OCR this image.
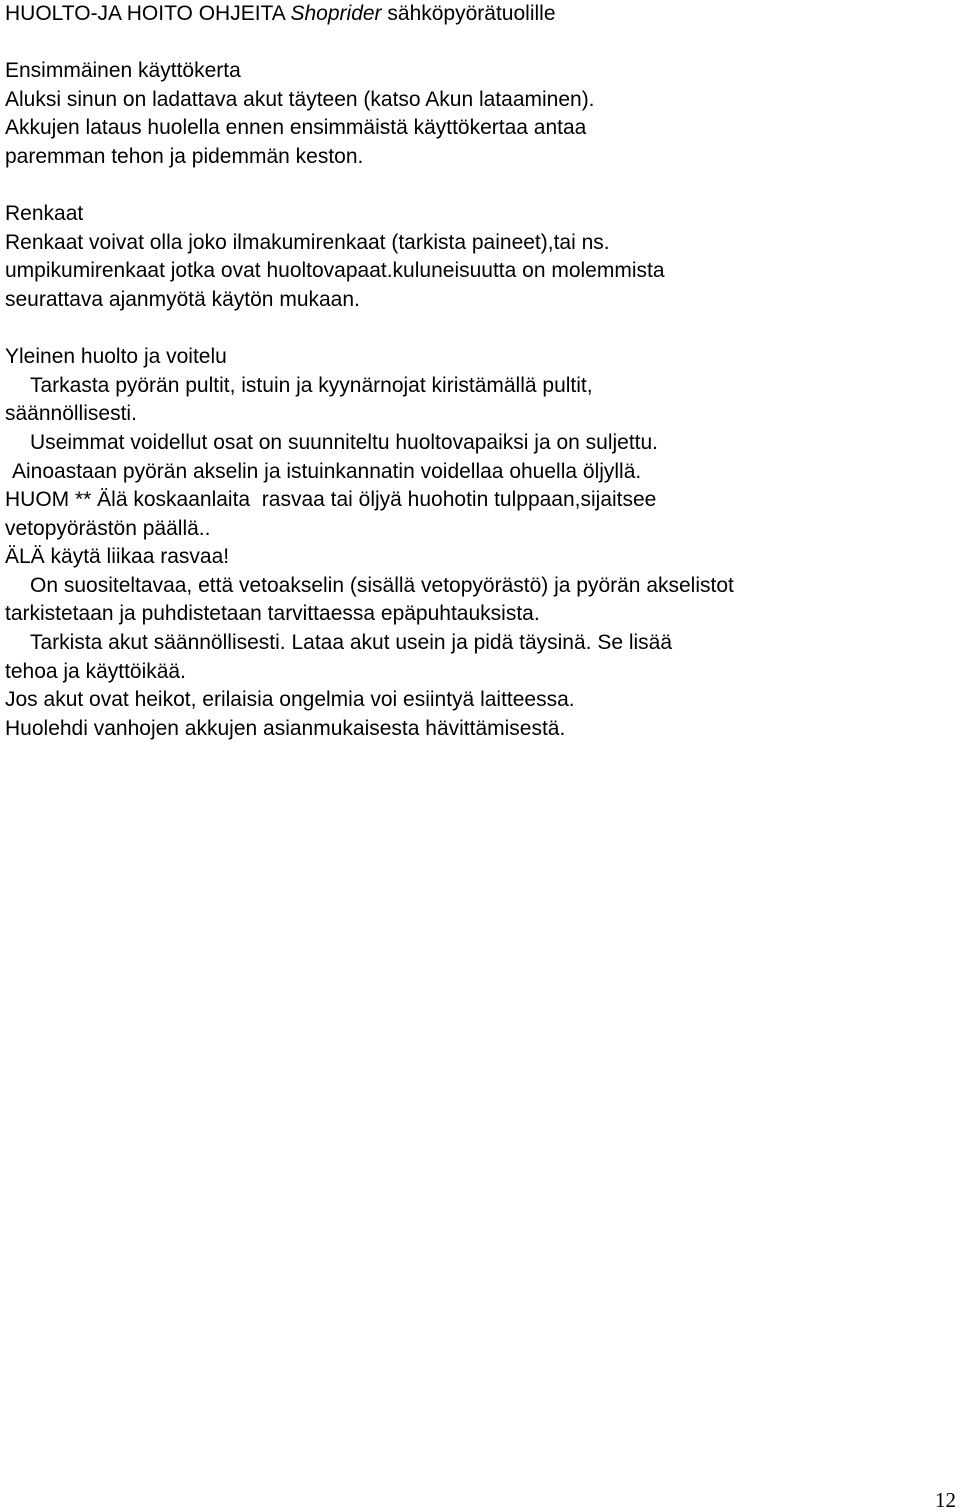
HUOLTO-JA HOITO OHJEITA Shoprider sähköpyörätuolille
Ensimmäinen käyttökerta
Aluksi sinun on ladattava akut täyteen (katso Akun lataaminen).
Akkujen lataus huolella ennen ensimmäistä käyttökertaa antaa
paremman tehon ja pidemmän keston.
Renkaat
Renkaat voivat olla joko ilmakumirenkaat (tarkista paineet),tai ns.
umpikumirenkaat jotka ovat huoltovapaat.kuluneisuutta on molemmista
seurattava ajanmyötä käytön mukaan.
Yleinen huolto ja voitelu
Tarkasta pyörän pultit, istuin ja kyynärnojat kiristämällä pultit,
säännöllisesti.
Useimmat voidellut osat on suunniteltu huoltovapaiksi ja on suljettu.
Ainoastaan pyörän akselin ja istuinkannatin voidellaa ohuella öljyllä.
HUOM ** Älä koskaanlaita  rasvaa tai öljyä huohotin tulppaan,sijaitsee
vetopyörästön päällä..
ÄLÄ käytä liikaa rasvaa!
On suositeltavaa, että vetoakselin (sisällä vetopyörästö) ja pyörän akselistot
tarkistetaan ja puhdistetaan tarvittaessa epäpuhtauksista.
Tarkista akut säännöllisesti. Lataa akut usein ja pidä täysinä. Se lisää
tehoa ja käyttöikää.
Jos akut ovat heikot, erilaisia ongelmia voi esiintyä laitteessa.
Huolehdi vanhojen akkujen asianmukaisesta hävittämisestä.
12
